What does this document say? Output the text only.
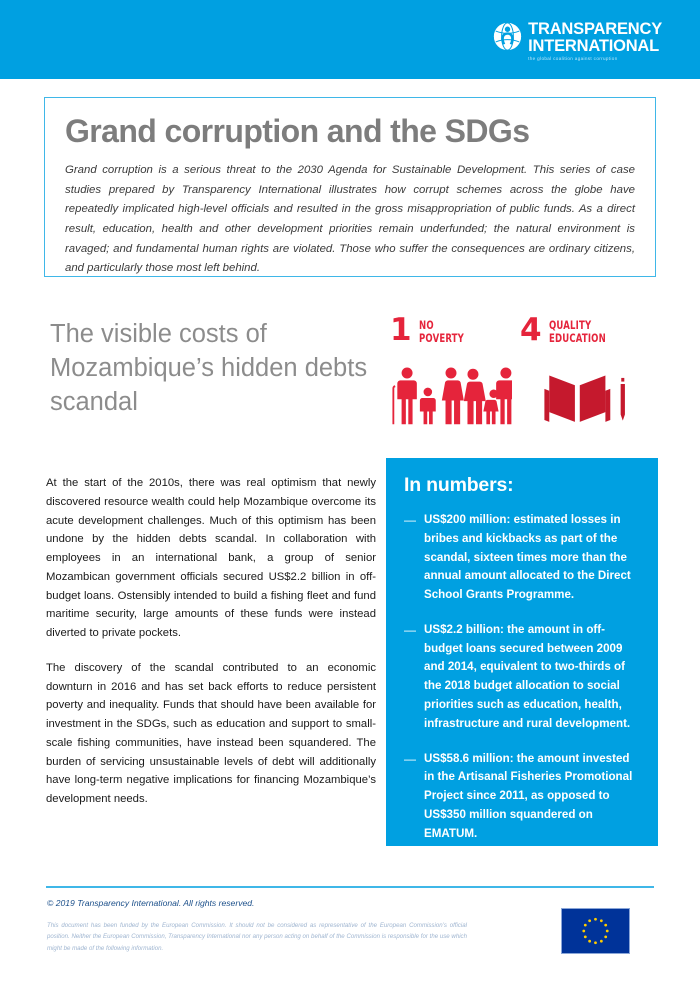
TRANSPARENCY
INTERNATIONAL
the global coalition against corruption
Grand corruption and the SDGs

Grand corruption is a serious threat to the 2030 Agenda for Sustainable Development. This series of case studies prepared by Transparency International illustrates how corrupt schemes across the globe have repeatedly implicated high-level officials and resulted in the gross misappropriation of public funds. As a direct result, education, health and other development priorities remain underfunded; the natural environment is ravaged; and fundamental human rights are violated. Those who suffer the consequences are ordinary citizens, and particularly those most left behind.

The visible costs of Mozambique’s hidden debts scandal
1 NO
POVERTY 4 QUALITY
EDUCATION

At the start of the 2010s, there was real optimism that newly discovered resource wealth could help Mozambique overcome its acute development challenges. Much of this optimism has been undone by the hidden debts scandal. In collaboration with employees in an international bank, a group of senior Mozambican government officials secured US$2.2 billion in off-budget loans. Ostensibly intended to build a fishing fleet and fund maritime security, large amounts of these funds were instead diverted to private pockets.

The discovery of the scandal contributed to an economic downturn in 2016 and has set back efforts to reduce persistent poverty and inequality. Funds that should have been available for investment in the SDGs, such as education and support to small-scale fishing communities, have instead been squandered. The burden of servicing unsustainable levels of debt will additionally have long-term negative implications for financing Mozambique’s development needs.

In numbers:
— US$200 million: estimated losses in bribes and kickbacks as part of the scandal, sixteen times more than the annual amount allocated to the Direct School Grants Programme.
— US$2.2 billion: the amount in off-budget loans secured between 2009 and 2014, equivalent to two-thirds of the 2018 budget allocation to social priorities such as education, health, infrastructure and rural development.
— US$58.6 million: the amount invested in the Artisanal Fisheries Promotional Project since 2011, as opposed to US$350 million squandered on EMATUM.
© 2019 Transparency International. All rights reserved.
This document has been funded by the European Commission. It should not be considered as representative of the European Commission’s official position. Neither the European Commission, Transparency International nor any person acting on behalf of the Commission is responsible for the use which might be made of the following information.
